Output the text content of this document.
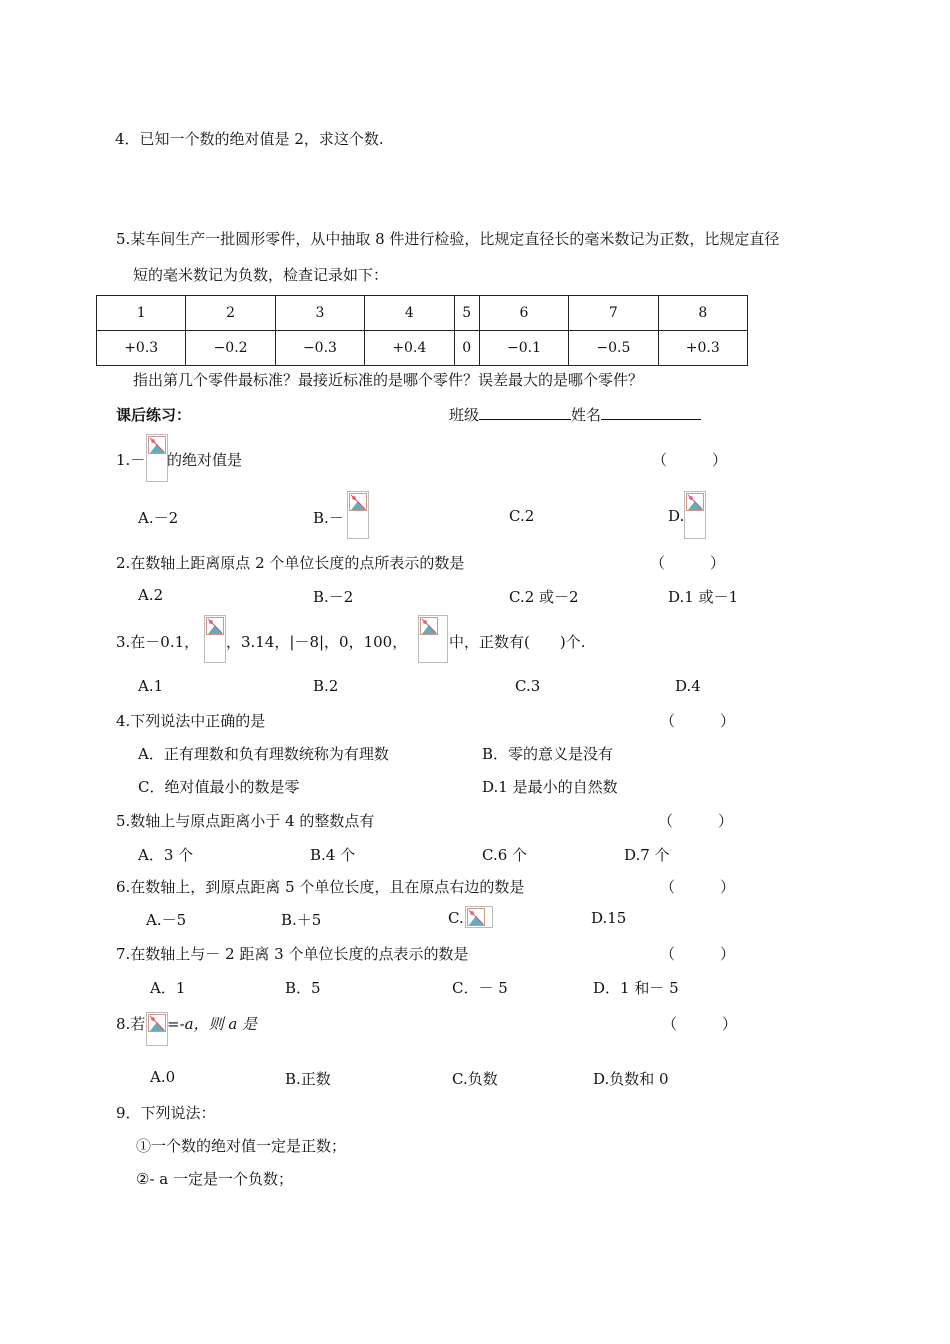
4．已知一个数的绝对值是 2，求这个数.
5.某车间生产一批圆形零件，从中抽取 8 件进行检验，比规定直径长的毫米数记为正数，比规定直径
短的毫米数记为负数，检查记录如下：
1	2	3	4	5	6	7	8
+0.3	−0.2	−0.3	+0.4	0	−0.1	−0.5	+0.3
指出第几个零件最标准？最接近标准的是哪个零件？误差最大的是哪个零件？
课后练习：	班级	姓名
1.－ 的绝对值是	（　　　）
A.－2	B.－	C.2	D.
2.在数轴上距离原点 2 个单位长度的点所表示的数是	（　　　）
A.2	B.－2	C.2 或－2	D.1 或－1
3.在－0.1， ，3.14，|－8|，0，100，	中，正数有(　　)个.
A.1	B.2	C.3	D.4
4.下列说法中正确的是	（　　　）
A．正有理数和负有理数统称为有理数	B．零的意义是没有
C．绝对值最小的数是零	D.1 是最小的自然数
5.数轴上与原点距离小于 4 的整数点有	（　　　）
A．3 个	B.4 个	C.6 个	D.7 个
6.在数轴上，到原点距离 5 个单位长度，且在原点右边的数是	（　　　）
A.－5	B.＋5	C.	D.15
7.在数轴上与－ 2 距离 3 个单位长度的点表示的数是	（　　　）
A．1	B．5	C．－ 5	D．1 和－ 5
8.若 =-a，则 a 是	（　　　）
A.0	B.正数	C.负数	D.负数和 0
9．下列说法：
①一个数的绝对值一定是正数；
②- a 一定是一个负数；
